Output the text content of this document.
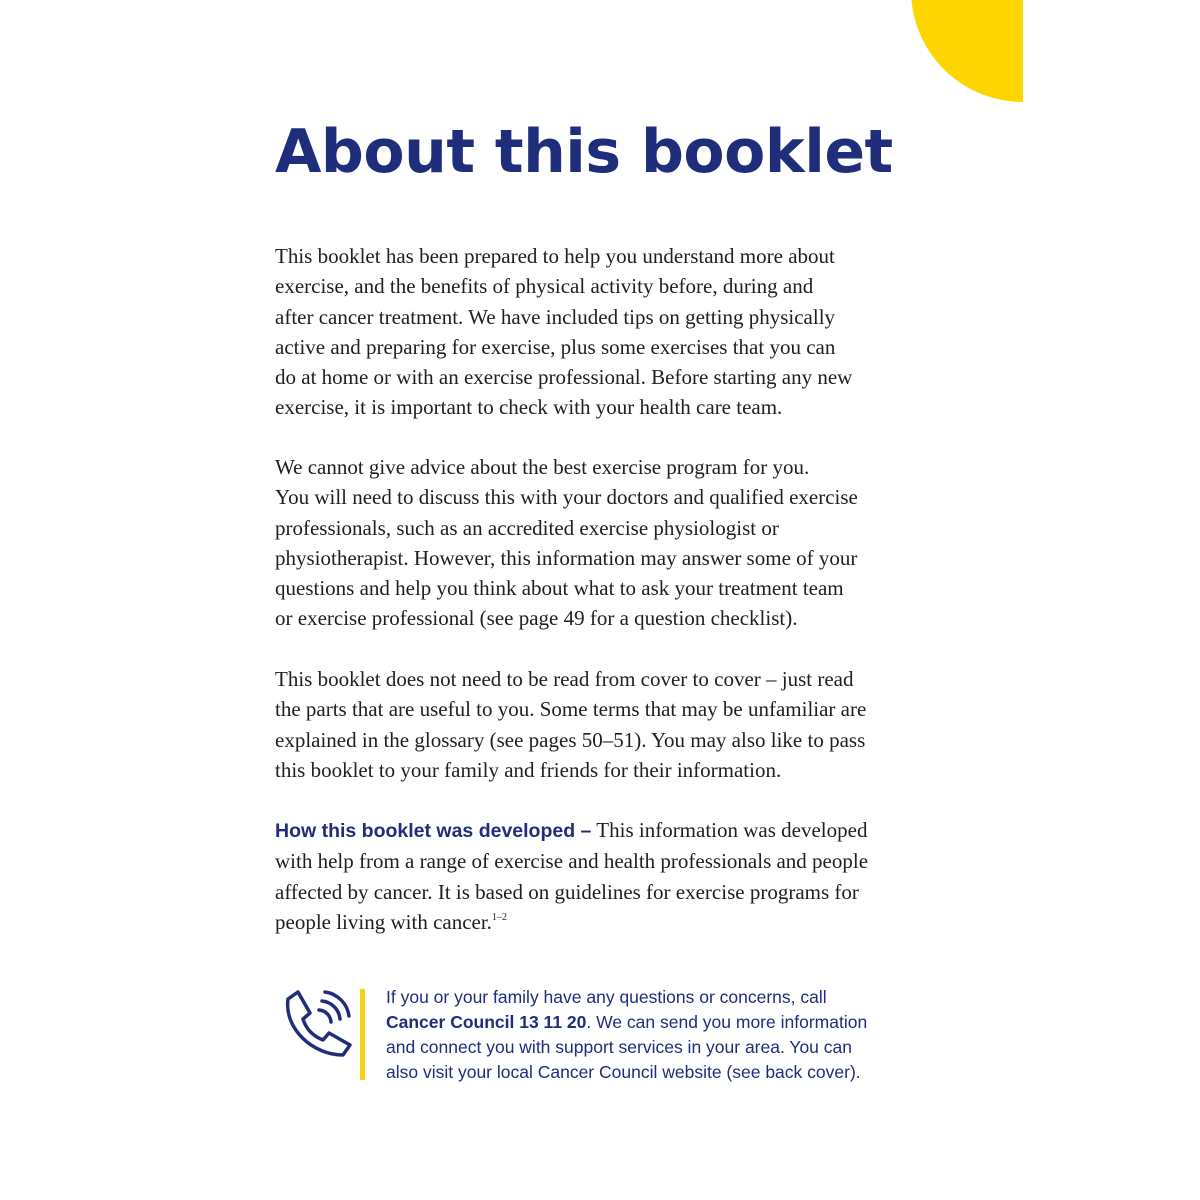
About this booklet

This booklet has been prepared to help you understand more about
exercise, and the benefits of physical activity before, during and
after cancer treatment. We have included tips on getting physically
active and preparing for exercise, plus some exercises that you can
do at home or with an exercise professional. Before starting any new
exercise, it is important to check with your health care team.

We cannot give advice about the best exercise program for you.
You will need to discuss this with your doctors and qualified exercise
professionals, such as an accredited exercise physiologist or
physiotherapist. However, this information may answer some of your
questions and help you think about what to ask your treatment team
or exercise professional (see page 49 for a question checklist).

This booklet does not need to be read from cover to cover – just read
the parts that are useful to you. Some terms that may be unfamiliar are
explained in the glossary (see pages 50–51). You may also like to pass
this booklet to your family and friends for their information.

How this booklet was developed – This information was developed
with help from a range of exercise and health professionals and people
affected by cancer. It is based on guidelines for exercise programs for
people living with cancer.$^{1-2}$

If you or your family have any questions or concerns, call
Cancer Council 13 11 20. We can send you more information
and connect you with support services in your area. You can
also visit your local Cancer Council website (see back cover).
